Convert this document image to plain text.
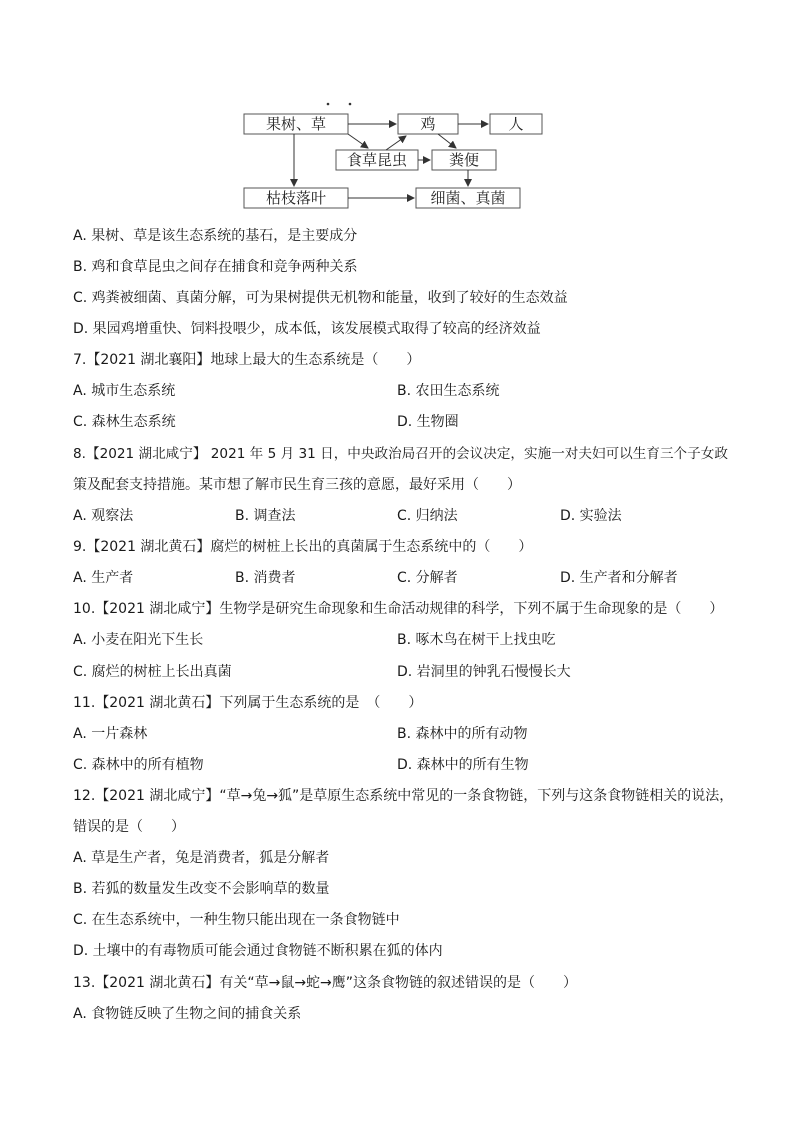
果树、草	鸡	人
食草昆虫	粪便
枯枝落叶	细菌、真菌
A. 果树、草是该生态系统的基石，是主要成分
B. 鸡和食草昆虫之间存在捕食和竞争两种关系
C. 鸡粪被细菌、真菌分解，可为果树提供无机物和能量，收到了较好的生态效益
D. 果园鸡增重快、饲料投喂少，成本低，该发展模式取得了较高的经济效益
7.【2021 湖北襄阳】地球上最大的生态系统是（　　）
A. 城市生态系统	B. 农田生态系统
C. 森林生态系统	D. 生物圈
8.【2021 湖北咸宁】 2021 年 5 月 31 日，中央政治局召开的会议决定，实施一对夫妇可以生育三个子女政
策及配套支持措施。某市想了解市民生育三孩的意愿，最好采用（　　）
A. 观察法	B. 调查法	C. 归纳法	D. 实验法
9.【2021 湖北黄石】腐烂的树桩上长出的真菌属于生态系统中的（　　）
A. 生产者	B. 消费者	C. 分解者	D. 生产者和分解者
10.【2021 湖北咸宁】生物学是研究生命现象和生命活动规律的科学，下列不属于生命现象的是（　　）
A. 小麦在阳光下生长	B. 啄木鸟在树干上找虫吃
C. 腐烂的树桩上长出真菌	D. 岩洞里的钟乳石慢慢长大
11.【2021 湖北黄石】下列属于生态系统的是　（　　）
A. 一片森林	B. 森林中的所有动物
C. 森林中的所有植物	D. 森林中的所有生物
12.【2021 湖北咸宁】“草→兔→狐”是草原生态系统中常见的一条食物链，下列与这条食物链相关的说法，
错误的是（　　）
A. 草是生产者，兔是消费者，狐是分解者
B. 若狐的数量发生改变不会影响草的数量
C. 在生态系统中，一种生物只能出现在一条食物链中
D. 土壤中的有毒物质可能会通过食物链不断积累在狐的体内
13.【2021 湖北黄石】有关“草→鼠→蛇→鹰”这条食物链的叙述错误的是（　　）
A. 食物链反映了生物之间的捕食关系
